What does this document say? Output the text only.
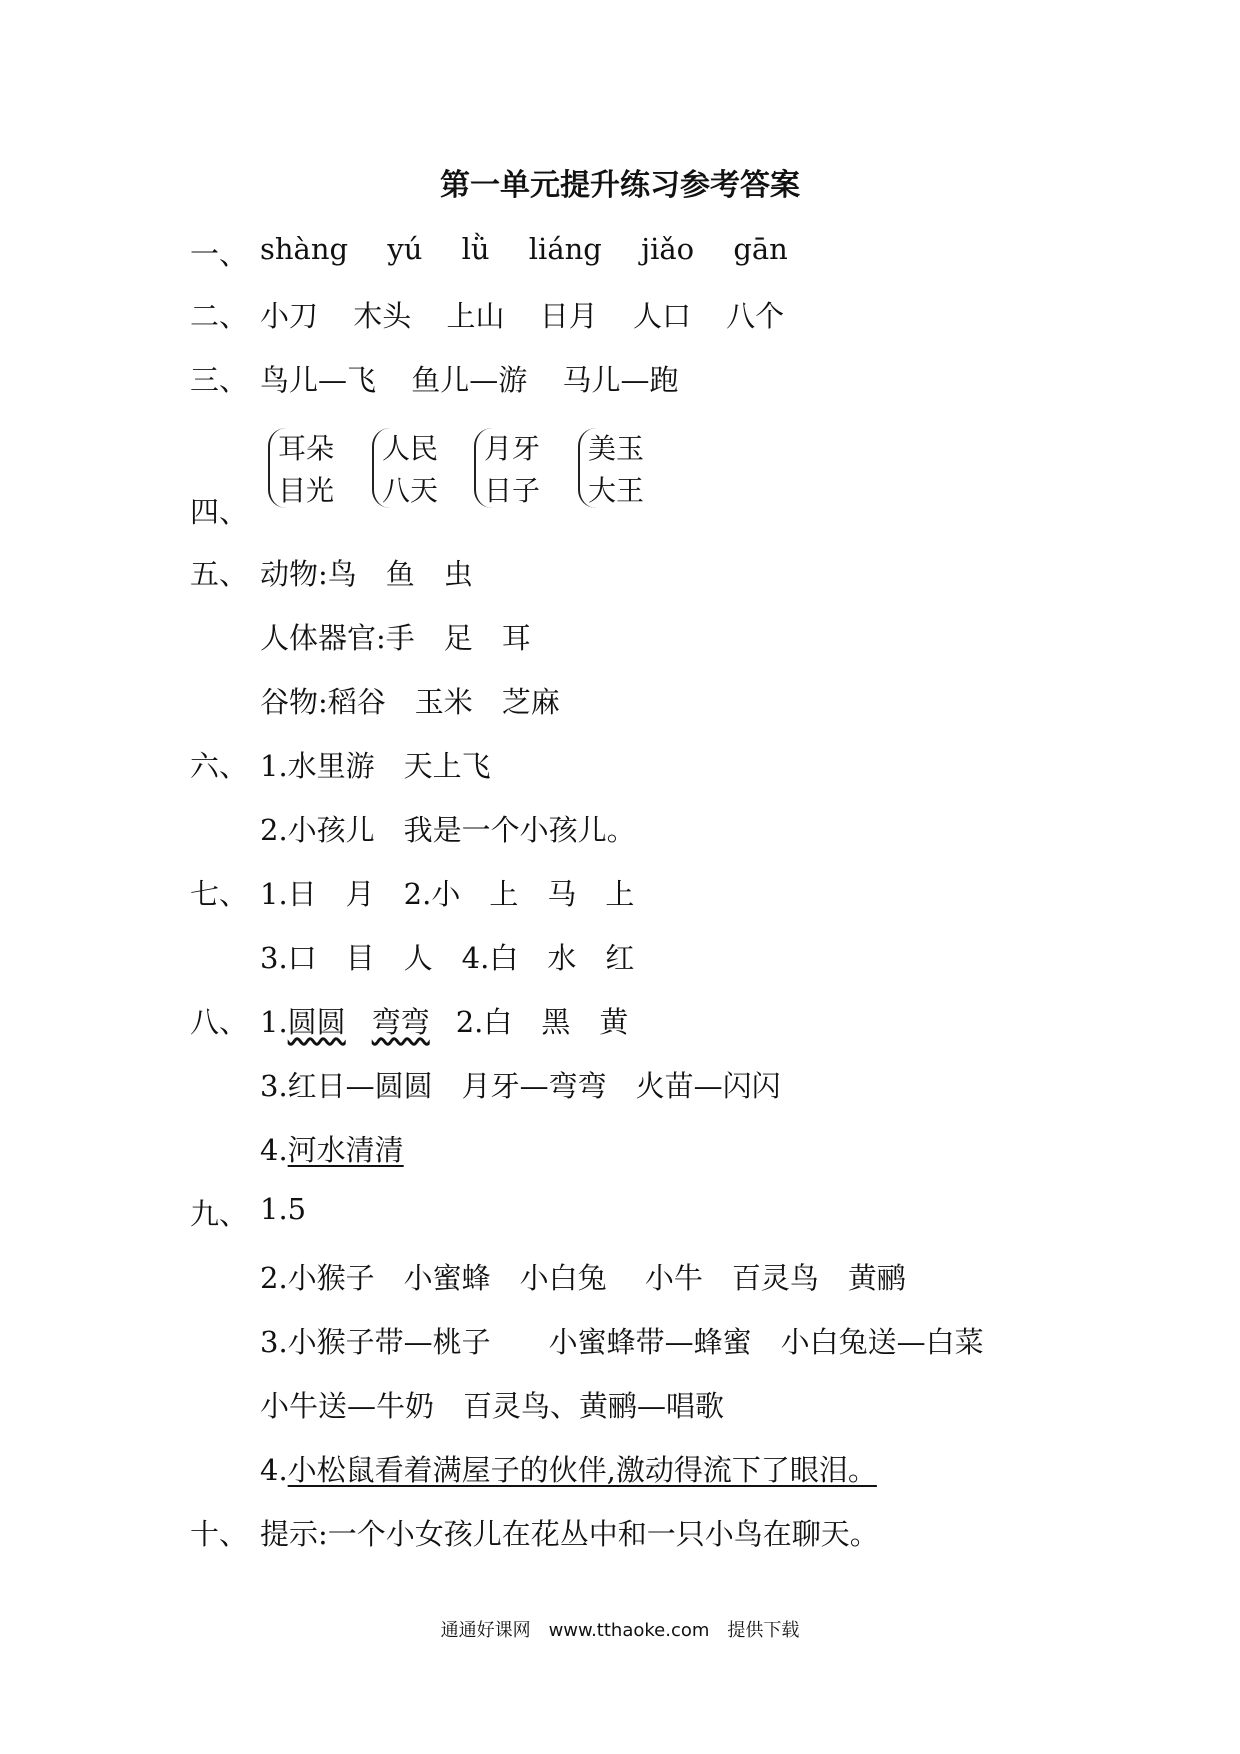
第一单元提升练习参考答案
一、 shàng yú lǜ liáng jiǎo gān
二、 小刀 木头 上山 日月 人口 八个
三、 鸟儿—飞 鱼儿—游 马儿—跑
四、
耳朵
目光
人民
八天
月牙
日子
美玉
大王
五、 动物:鸟　鱼　虫
人体器官:手　足　耳
谷物:稻谷　玉米　芝麻
六、 1.水里游　天上飞
2.小孩儿　我是一个小孩儿。
七、 1.日　月　2.小　上　马　上
3.口　目　人　4.白　水　红
八、 1.圆圆 弯弯 2.白　黑　黄
3.红日—圆圆　月牙—弯弯　火苗—闪闪
4.河水清清
九、 1.5
2.小猴子　小蜜蜂　小白兔　 小牛　百灵鸟　黄鹂
3.小猴子带—桃子　　小蜜蜂带—蜂蜜　小白兔送—白菜
小牛送—牛奶　百灵鸟、黄鹂—唱歌
4.小松鼠看着满屋子的伙伴,激动得流下了眼泪。
十、 提示:一个小女孩儿在花丛中和一只小鸟在聊天。
通通好课网　www.tthaoke.com　提供下载
